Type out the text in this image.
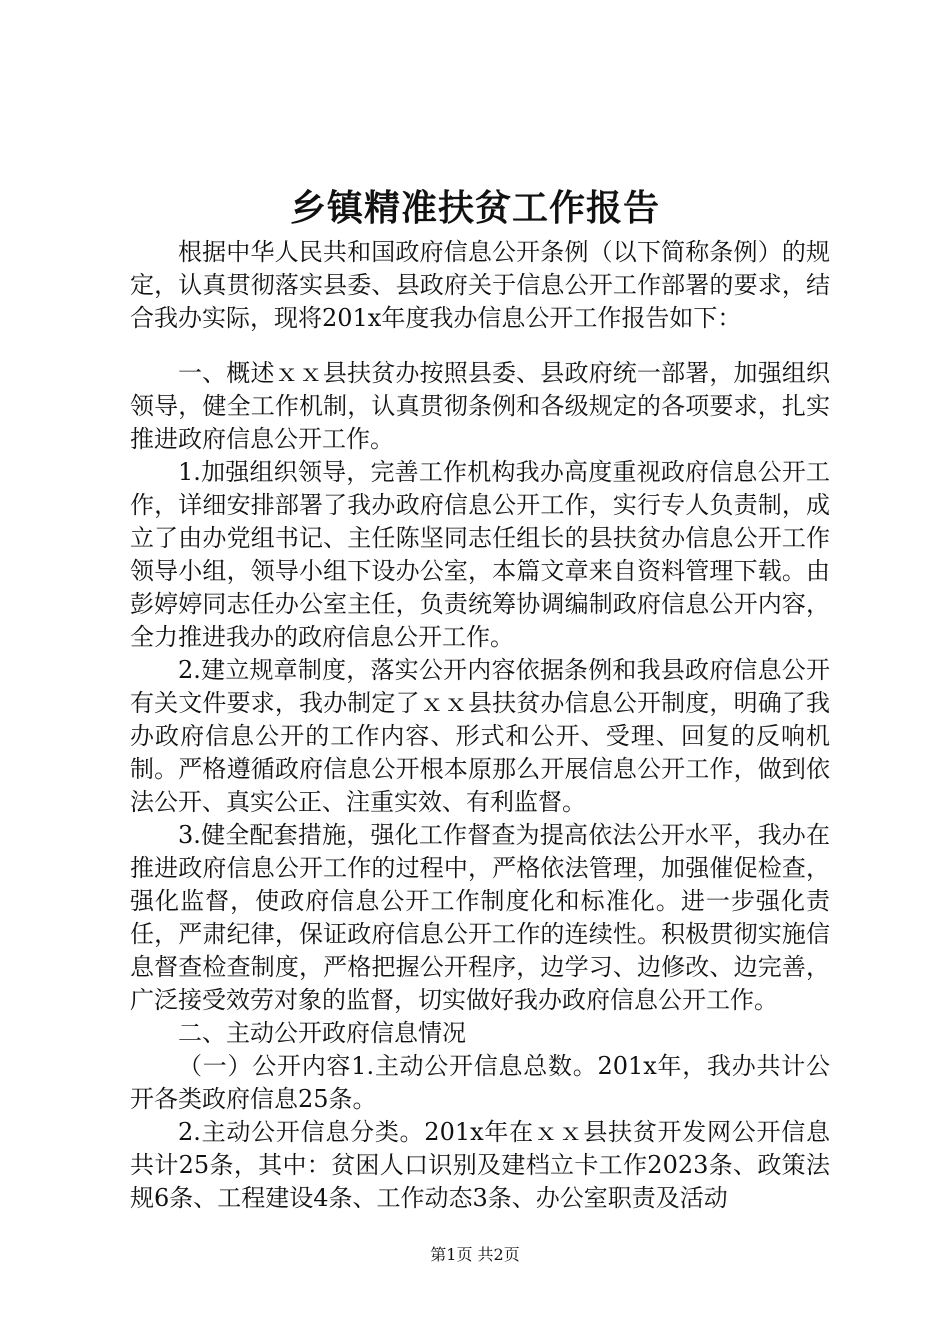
乡镇精准扶贫工作报告

根据中华人民共和国政府信息公开条例（以下简称条例）的规定，认真贯彻落实县委、县政府关于信息公开工作部署的要求，结合我办实际，现将201x年度我办信息公开工作报告如下：

一、概述ｘｘ县扶贫办按照县委、县政府统一部署，加强组织领导，健全工作机制，认真贯彻条例和各级规定的各项要求，扎实推进政府信息公开工作。

1.加强组织领导，完善工作机构我办高度重视政府信息公开工作，详细安排部署了我办政府信息公开工作，实行专人负责制，成立了由办党组书记、主任陈坚同志任组长的县扶贫办信息公开工作领导小组，领导小组下设办公室，本篇文章来自资料管理下载。由彭婷婷同志任办公室主任，负责统筹协调编制政府信息公开内容，全力推进我办的政府信息公开工作。

2.建立规章制度，落实公开内容依据条例和我县政府信息公开有关文件要求，我办制定了ｘｘ县扶贫办信息公开制度，明确了我办政府信息公开的工作内容、形式和公开、受理、回复的反响机制。严格遵循政府信息公开根本原那么开展信息公开工作，做到依法公开、真实公正、注重实效、有利监督。

3.健全配套措施，强化工作督查为提高依法公开水平，我办在推进政府信息公开工作的过程中，严格依法管理，加强催促检查，强化监督，使政府信息公开工作制度化和标准化。进一步强化责任，严肃纪律，保证政府信息公开工作的连续性。积极贯彻实施信息督查检查制度，严格把握公开程序，边学习、边修改、边完善，广泛接受效劳对象的监督，切实做好我办政府信息公开工作。

二、主动公开政府信息情况

（一）公开内容1.主动公开信息总数。201x年，我办共计公开各类政府信息25条。

2.主动公开信息分类。201x年在ｘｘ县扶贫开发网公开信息共计25条，其中：贫困人口识别及建档立卡工作2023条、政策法规6条、工程建设4条、工作动态3条、办公室职责及活动

第1页 共2页
